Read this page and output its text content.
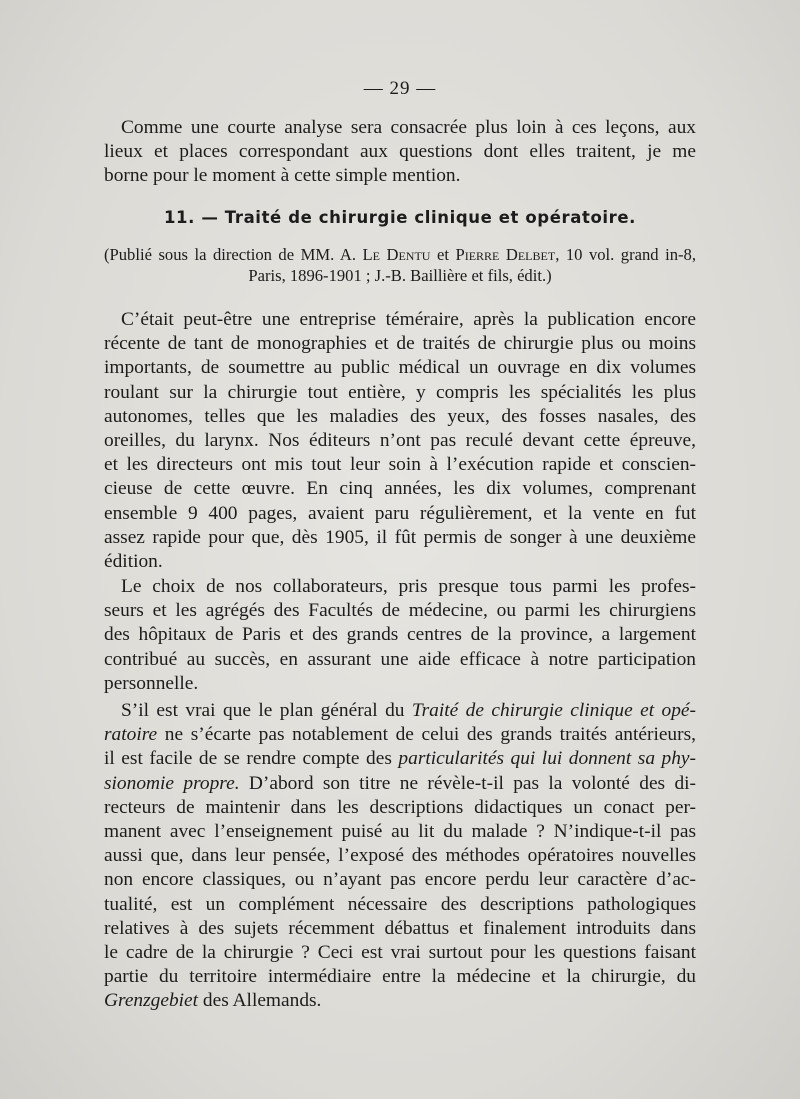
— 29 —
Comme une courte analyse sera consacrée plus loin à ces leçons, aux
lieux et places correspondant aux questions dont elles traitent, je me
borne pour le moment à cette simple mention.
11. — Traité de chirurgie clinique et opératoire.
(Publié sous la direction de MM. A. Le Dentu et Pierre Delbet, 10 vol. grand in-8,
Paris, 1896-1901 ; J.-B. Baillière et fils, édit.)
C’était peut-être une entreprise téméraire, après la publication encore
récente de tant de monographies et de traités de chirurgie plus ou moins
importants, de soumettre au public médical un ouvrage en dix volumes
roulant sur la chirurgie tout entière, y compris les spécialités les plus
autonomes, telles que les maladies des yeux, des fosses nasales, des
oreilles, du larynx. Nos éditeurs n’ont pas reculé devant cette épreuve,
et les directeurs ont mis tout leur soin à l’exécution rapide et conscien-
cieuse de cette œuvre. En cinq années, les dix volumes, comprenant
ensemble 9 400 pages, avaient paru régulièrement, et la vente en fut
assez rapide pour que, dès 1905, il fût permis de songer à une deuxième
édition.
Le choix de nos collaborateurs, pris presque tous parmi les profes-
seurs et les agrégés des Facultés de médecine, ou parmi les chirurgiens
des hôpitaux de Paris et des grands centres de la province, a largement
contribué au succès, en assurant une aide efficace à notre participation
personnelle.
S’il est vrai que le plan général du Traité de chirurgie clinique et opé-
ratoire ne s’écarte pas notablement de celui des grands traités antérieurs,
il est facile de se rendre compte des particularités qui lui donnent sa phy-
sionomie propre. D’abord son titre ne révèle-t-il pas la volonté des di-
recteurs de maintenir dans les descriptions didactiques un conact per-
manent avec l’enseignement puisé au lit du malade ? N’indique-t-il pas
aussi que, dans leur pensée, l’exposé des méthodes opératoires nouvelles
non encore classiques, ou n’ayant pas encore perdu leur caractère d’ac-
tualité, est un complément nécessaire des descriptions pathologiques
relatives à des sujets récemment débattus et finalement introduits dans
le cadre de la chirurgie ? Ceci est vrai surtout pour les questions faisant
partie du territoire intermédiaire entre la médecine et la chirurgie, du
Grenzgebiet des Allemands.
